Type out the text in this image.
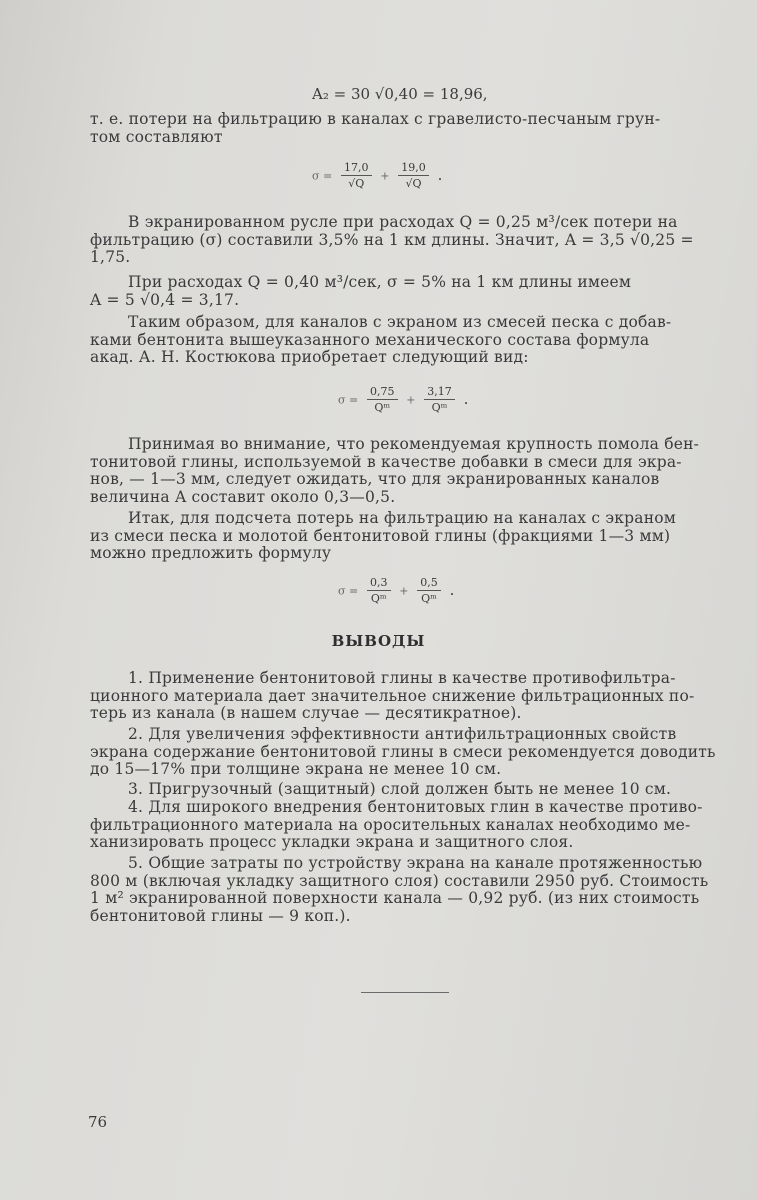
A₂ = 30 √0,40 = 18,96,
т. е. потери на фильтрацию в каналах с гравелисто-песчаным грун-
том составляют
$\sigma = \frac{17,0}{√Q} + \frac{19,0}{√Q}$ .
В экранированном русле при расходах Q = 0,25 м³/сек потери на
фильтрацию (σ) составили 3,5% на 1 км длины. Значит, A = 3,5 √0,25 =
1,75.
При расходах Q = 0,40 м³/сек, σ = 5% на 1 км длины имеем
A = 5 √0,4 = 3,17.
Таким образом, для каналов с экраном из смесей песка с добав-
ками бентонита вышеуказанного механического состава формула
акад. А. Н. Костюкова приобретает следующий вид:
$\sigma = \frac{0,75}{\text{Qᵐ}} + \frac{3,17}{\text{Qᵐ}}$ .
Принимая во внимание, что рекомендуемая крупность помола бен-
тонитовой глины, используемой в качестве добавки в смеси для экра-
нов, — 1—3 мм, следует ожидать, что для экранированных каналов
величина A составит около 0,3—0,5.
Итак, для подсчета потерь на фильтрацию на каналах с экраном
из смеси песка и молотой бентонитовой глины (фракциями 1—3 мм)
можно предложить формулу
$\sigma = \frac{0,3}{\text{Qᵐ}} + \frac{0,5}{\text{Qᵐ}}$ .
ВЫВОДЫ
1. Применение бентонитовой глины в качестве противофильтра-
ционного материала дает значительное снижение фильтрационных по-
терь из канала (в нашем случае — десятикратное).
2. Для увеличения эффективности антифильтрационных свойств
экрана содержание бентонитовой глины в смеси рекомендуется доводить
до 15—17% при толщине экрана не менее 10 см.
3. Пригрузочный (защитный) слой должен быть не менее 10 см.
4. Для широкого внедрения бентонитовых глин в качестве противо-
фильтрационного материала на оросительных каналах необходимо ме-
ханизировать процесс укладки экрана и защитного слоя.
5. Общие затраты по устройству экрана на канале протяженностью
800 м (включая укладку защитного слоя) составили 2950 руб. Стоимость
1 м² экранированной поверхности канала — 0,92 руб. (из них стоимость
бентонитовой глины — 9 коп.).
76
